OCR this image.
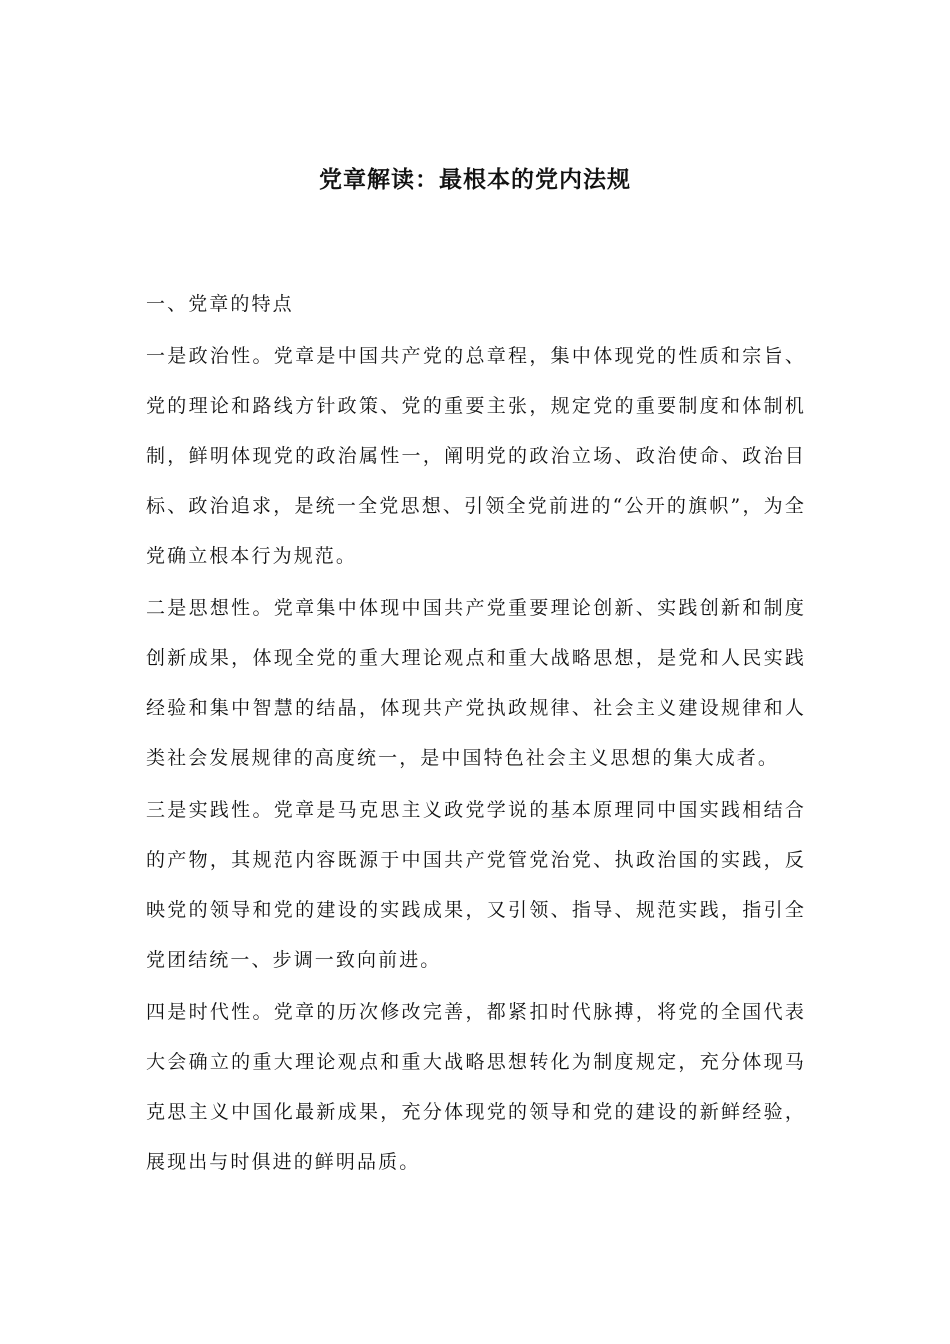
党章解读：最根本的党内法规

一、党章的特点

一是政治性。党章是中国共产党的总章程，集中体现党的性质和宗旨、党的理论和路线方针政策、党的重要主张，规定党的重要制度和体制机制，鲜明体现党的政治属性一，阐明党的政治立场、政治使命、政治目标、政治追求，是统一全党思想、引领全党前进的“公开的旗帜”，为全党确立根本行为规范。

二是思想性。党章集中体现中国共产党重要理论创新、实践创新和制度创新成果，体现全党的重大理论观点和重大战略思想，是党和人民实践经验和集中智慧的结晶，体现共产党执政规律、社会主义建设规律和人类社会发展规律的高度统一，是中国特色社会主义思想的集大成者。

三是实践性。党章是马克思主义政党学说的基本原理同中国实践相结合的产物，其规范内容既源于中国共产党管党治党、执政治国的实践，反映党的领导和党的建设的实践成果，又引领、指导、规范实践，指引全党团结统一、步调一致向前进。

四是时代性。党章的历次修改完善，都紧扣时代脉搏，将党的全国代表大会确立的重大理论观点和重大战略思想转化为制度规定，充分体现马克思主义中国化最新成果，充分体现党的领导和党的建设的新鲜经验，展现出与时俱进的鲜明品质。
